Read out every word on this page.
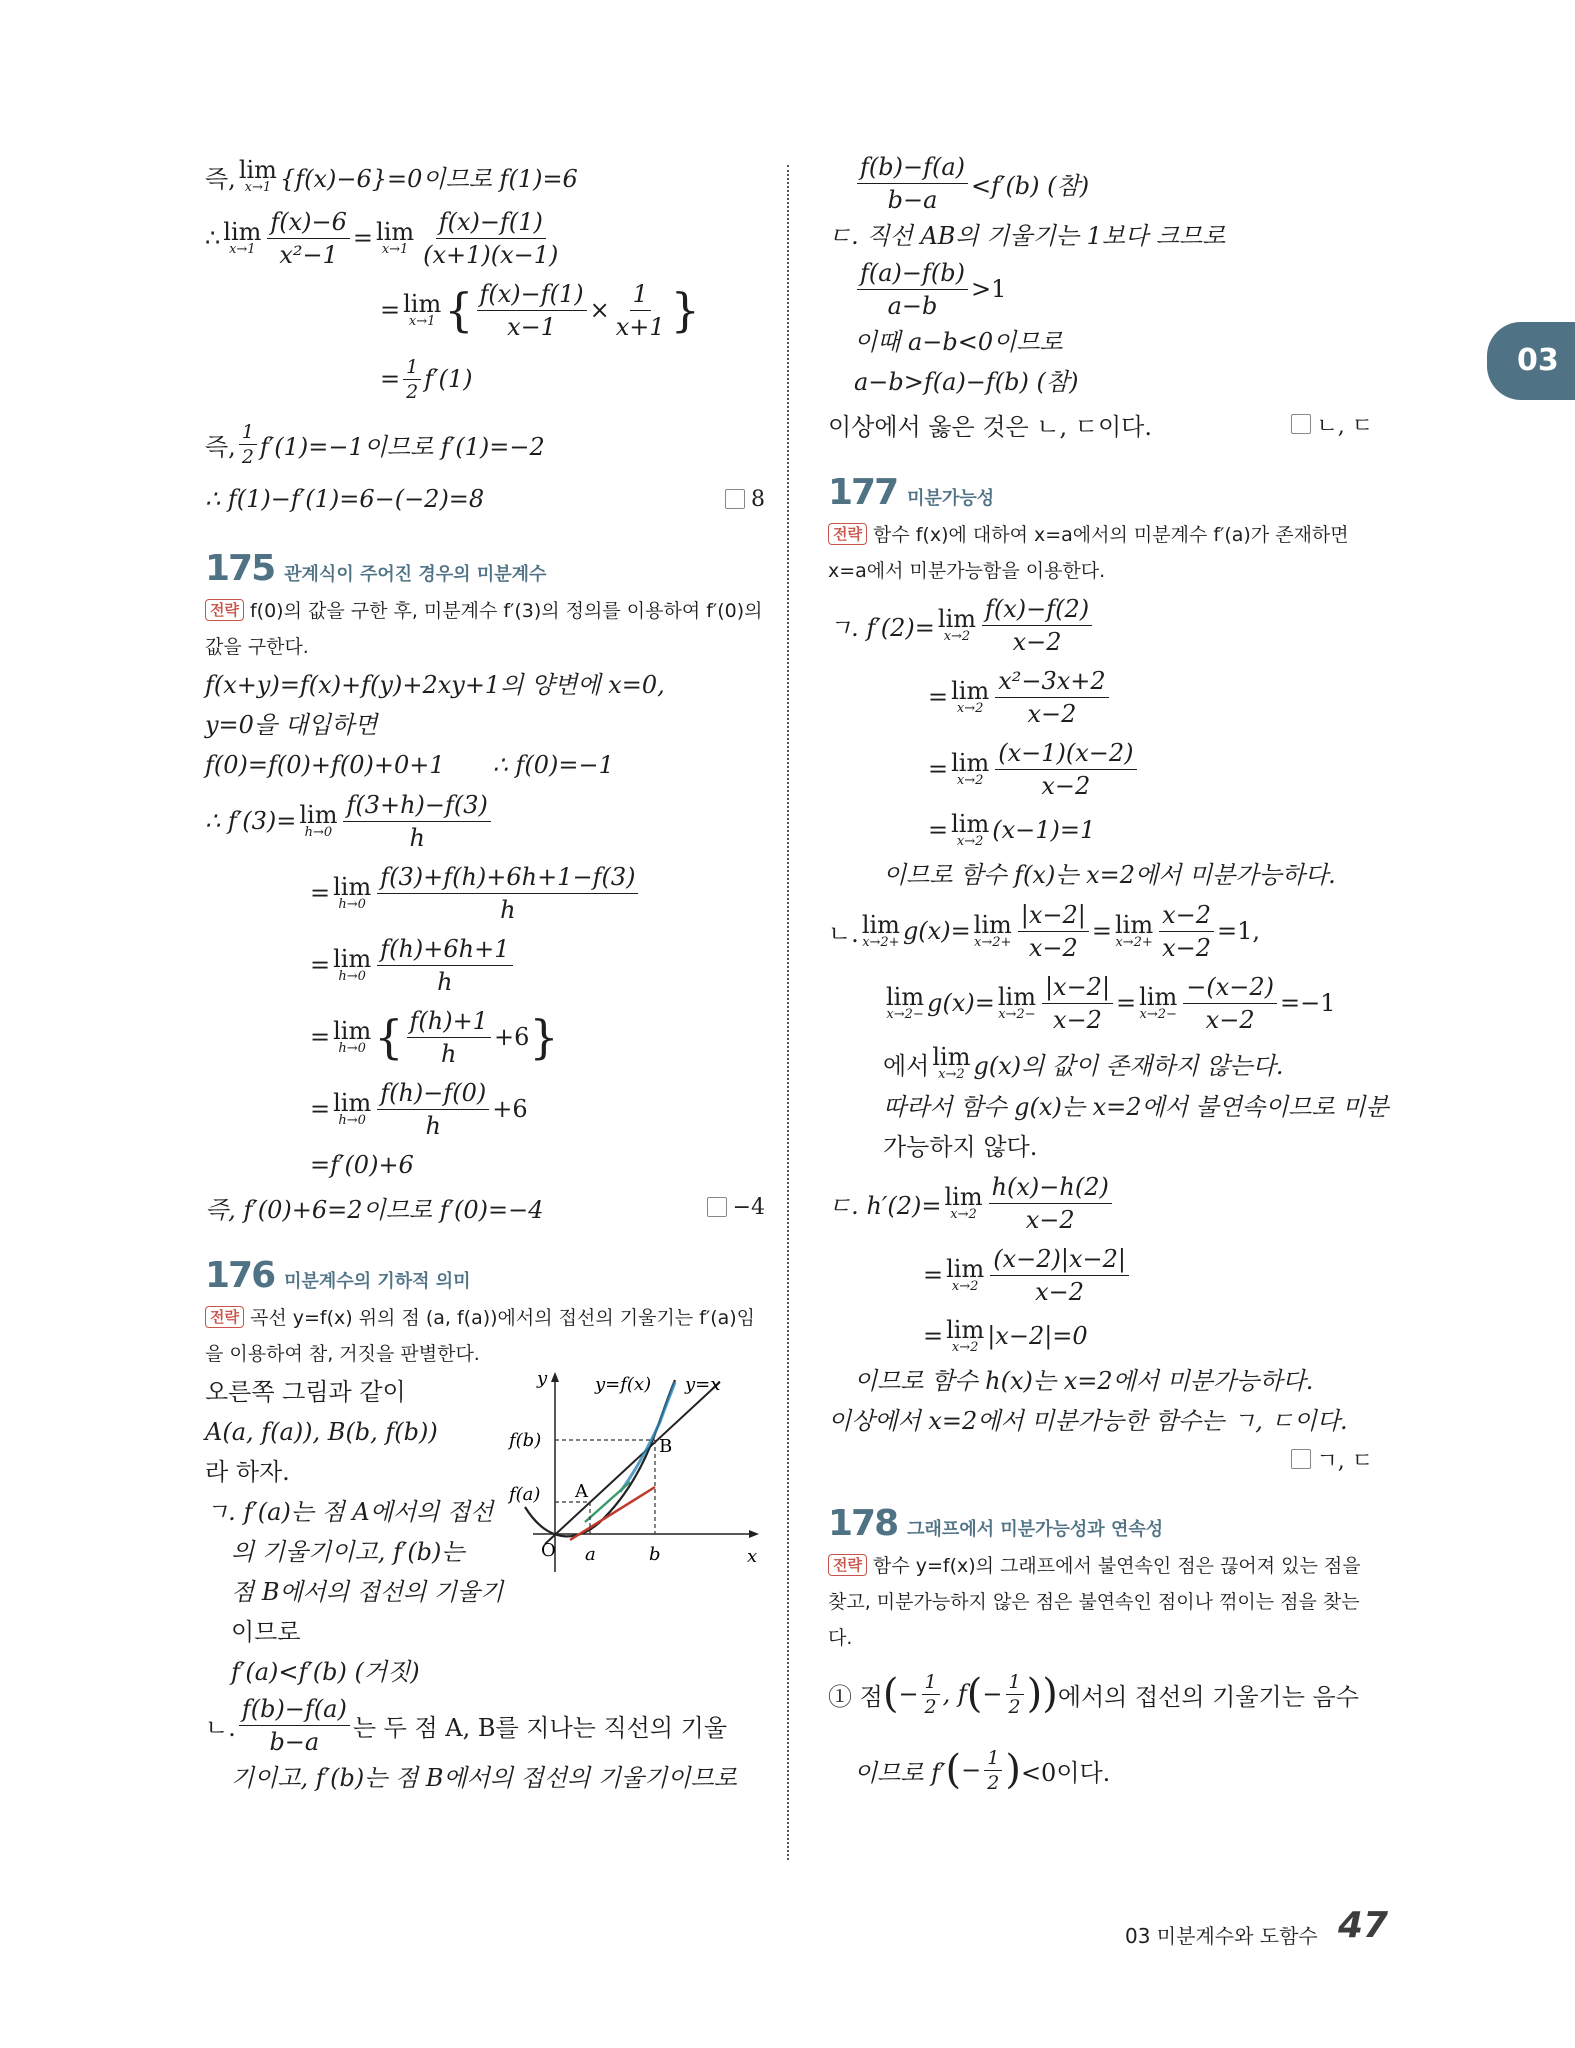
03
즉, lim
x→1 {f(x)−6}=0이므로 f(1)=6
∴ lim
$x\to 1 \frac{f(x)-6}{\text{x²−1}} = \lim$
$x\to 1 \frac{f(x)-f(1)}{(x+1)(x-1)}$
= lim
x→1 { $\frac{f(x)-f(1)}{x-1} \times \frac{1}{x+1}$ }
= $\frac{1}{2} f'(1)$
즉, $\frac{1}{2} f'(1)=-1$이므로 f′(1)=−2
∴ f(1)−f′(1)=6−(−2)=8	8
175 관계식이 주어진 경우의 미분계수
전략 f(0)의 값을 구한 후, 미분계수 f′(3)의 정의를 이용하여 f′(0)의 값을 구한다.
f(x+y)=f(x)+f(y)+2xy+1의 양변에 x=0,
y=0을 대입하면
f(0)=f(0)+f(0)+0+1 ∴ f(0)=−1
∴ f′(3)= lim
$h\to 0 \frac{f(3+h)-f(3)}{h}$
= lim
$h\to 0 \frac{f(3)+f(h)+6h+1-f(3)}{h}$
= lim
$h\to 0 \frac{f(h)+6h+1}{h}$
= lim
h→0 { $\frac{f(h)+1}{h} +6$ }
= lim
$h\to 0 \frac{f(h)-f(0)}{h} +6$
=f′(0)+6
즉, f′(0)+6=2이므로 f′(0)=−4	−4
176 미분계수의 기하적 의미
전략 곡선 y=f(x) 위의 점 (a, f(a))에서의 접선의 기울기는 f′(a)임을 이용하여 참, 거짓을 판별한다.
y
x
y=f(x) y=x
f(b)
f(a) A
B
O a	b
오른쪽 그림과 같이
A(a, f(a)), B(b, f(b))
라 하자.
ㄱ. f′(a)는 점 A에서의 접선
의 기울기이고, f′(b)는
점 B에서의 접선의 기울기
이므로
f′(a)<f′(b) (거짓)
ㄴ. $\frac{f(b)-f(a)}{b-a}$ 는 두 점 A, B를 지나는 직선의 기울
기이고, f′(b)는 점 B에서의 접선의 기울기이므로
$\frac{f(b)-f(a)}{b-a} <f'(b)$ (참)
ㄷ. 직선 AB의 기울기는 1보다 크므로
$\frac{f(a)-f(b)}{a-b} >1$
이때 a−b<0이므로
a−b>f(a)−f(b) (참)
이상에서 옳은 것은 ㄴ, ㄷ이다.	ㄴ, ㄷ
177 미분가능성
전략 함수 f(x)에 대하여 x=a에서의 미분계수 f′(a)가 존재하면 x=a에서 미분가능함을 이용한다.
ㄱ. f′(2)= lim
$x\to 2 \frac{f(x)-f(2)}{x-2}$
= lim
$x\to 2 \frac{\text{x²−3x+2}}{x-2}$
= lim
$x\to 2 \frac{(x-1)(x-2)}{x-2}$
= lim
x→2 (x−1)=1
이므로 함수 f(x)는 x=2에서 미분가능하다.
ㄴ. lim
x→2+ g(x)= lim
$x\to 2+ \frac{|x-2|}{x-2} = \lim$
$x\to 2+ \frac{x-2}{x-2} =1$,
lim
x→2− g(x)= lim
$x\to 2- \frac{|x-2|}{x-2} = \lim$
$x\to 2- \frac{-(x-2)}{x-2} =-1$
에서 lim
x→2 g(x)의 값이 존재하지 않는다.
따라서 함수 g(x)는 x=2에서 불연속이므로 미분
가능하지 않다.
ㄷ. h′(2)= lim
$x\to 2 \frac{h(x)-h(2)}{x-2}$
= lim
$x\to 2 \frac{(x-2)|x-2|}{x-2}$
= lim
x→2 |x−2|=0
이므로 함수 h(x)는 x=2에서 미분가능하다.
이상에서 x=2에서 미분가능한 함수는 ㄱ, ㄷ이다.
ㄱ, ㄷ
178 그래프에서 미분가능성과 연속성
전략 함수 y=f(x)의 그래프에서 불연속인 점은 끊어져 있는 점을 찾고, 미분가능하지 않은 점은 불연속인 점이나 꺾이는 점을 찾는다.
① 점 ( − $\frac{1}{2}$ , f ( − $\frac{1}{2}$ )) 에서의 접선의 기울기는 음수
이므로 f′ ( − $\frac{1}{2}$ ) <0이다.
03 미분계수와 도함수 47
